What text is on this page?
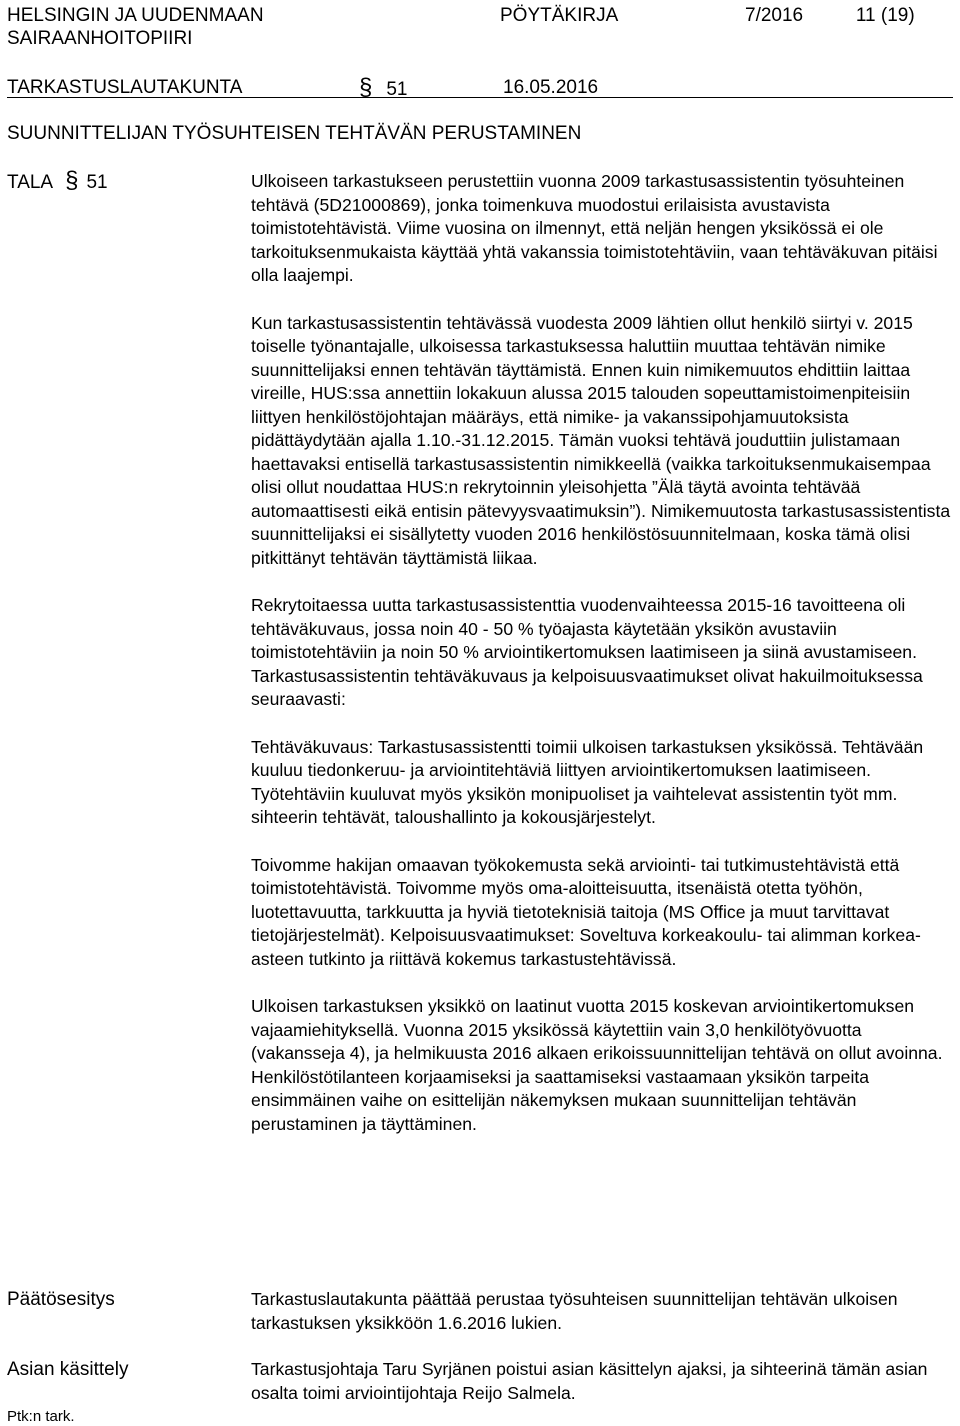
HELSINGIN JA UUDENMAAN SAIRAANHOITOPIIRI
PÖYTÄKIRJA	7/2016          11 (19)
TARKASTUSLAUTAKUNTA	§ 51	16.05.2016
SUUNNITTELIJAN TYÖSUHTEISEN TEHTÄVÄN PERUSTAMINEN
TALA § 51	Ulkoiseen tarkastukseen perustettiin vuonna 2009 tarkastusassistentin työsuhteinen tehtävä (5D21000869), jonka toimenkuva muodostui erilaisista avustavista toimistotehtävistä. Viime vuosina on ilmennyt, että neljän hengen yksikössä ei ole tarkoituksenmukaista käyttää yhtä vakanssia toimistotehtäviin, vaan tehtäväkuvan pitäisi olla laajempi.

Kun tarkastusassistentin tehtävässä vuodesta 2009 lähtien ollut henkilö siirtyi v. 2015 toiselle työnantajalle, ulkoisessa tarkastuksessa haluttiin muuttaa tehtävän nimike suunnittelijaksi ennen tehtävän täyttämistä. Ennen kuin nimikemuutos ehdittiin laittaa vireille, HUS:ssa annettiin lokakuun alussa 2015 talouden sopeuttamistoimenpiteisiin liittyen henkilöstöjohtajan määräys, että nimike- ja vakanssipohjamuutoksista pidättäydytään ajalla 1.10.-31.12.2015. Tämän vuoksi tehtävä jouduttiin julistamaan haettavaksi entisellä tarkastusassistentin nimikkeellä (vaikka tarkoituksenmukaisempaa olisi ollut noudattaa HUS:n rekrytoinnin yleisohjetta ”Älä täytä avointa tehtävää automaattisesti eikä entisin pätevyysvaatimuksin”). Nimikemuutosta tarkastusassistentista suunnittelijaksi ei sisällytetty vuoden 2016 henkilöstösuunnitelmaan, koska tämä olisi pitkittänyt tehtävän täyttämistä liikaa.

Rekrytoitaessa uutta tarkastusassistenttia vuodenvaihteessa 2015-16 tavoitteena oli tehtäväkuvaus, jossa noin 40 - 50 % työajasta käytetään yksikön avustaviin toimistotehtäviin ja noin 50 % arviointikertomuksen laatimiseen ja siinä avustamiseen. Tarkastusassistentin tehtäväkuvaus ja kelpoisuusvaatimukset olivat hakuilmoituksessa seuraavasti:

Tehtäväkuvaus: Tarkastusassistentti toimii ulkoisen tarkastuksen yksikössä. Tehtävään kuuluu tiedonkeruu- ja arviointitehtäviä liittyen arviointikertomuksen laatimiseen. Työtehtäviin kuuluvat myös yksikön monipuoliset ja vaihtelevat assistentin työt mm. sihteerin tehtävät, taloushallinto ja kokousjärjestelyt.

Toivomme hakijan omaavan työkokemusta sekä arviointi- tai tutkimustehtävistä että toimistotehtävistä. Toivomme myös oma-aloitteisuutta, itsenäistä otetta työhön, luotettavuutta, tarkkuutta ja hyviä tietoteknisiä taitoja (MS Office ja muut tarvittavat tietojärjestelmät). Kelpoisuusvaatimukset: Soveltuva korkeakoulu- tai alimman korkea-asteen tutkinto ja riittävä kokemus tarkastustehtävissä.

Ulkoisen tarkastuksen yksikkö on laatinut vuotta 2015 koskevan arviointikertomuksen vajaamiehityksellä. Vuonna 2015 yksikössä käytettiin vain 3,0 henkilötyövuotta (vakansseja 4), ja helmikuusta 2016 alkaen erikoissuunnittelijan tehtävä on ollut avoinna. Henkilöstötilanteen korjaamiseksi ja saattamiseksi vastaamaan yksikön tarpeita ensimmäinen vaihe on esittelijän näkemyksen mukaan suunnittelijan tehtävän perustaminen ja täyttäminen.

Päätösesitys	Tarkastuslautakunta päättää perustaa työsuhteisen suunnittelijan tehtävän ulkoisen tarkastuksen yksikköön 1.6.2016 lukien.

Asian käsittely	Tarkastusjohtaja Taru Syrjänen poistui asian käsittelyn ajaksi, ja sihteerinä tämän asian osalta toimi arviointijohtaja Reijo Salmela.

Ptk:n tark.
